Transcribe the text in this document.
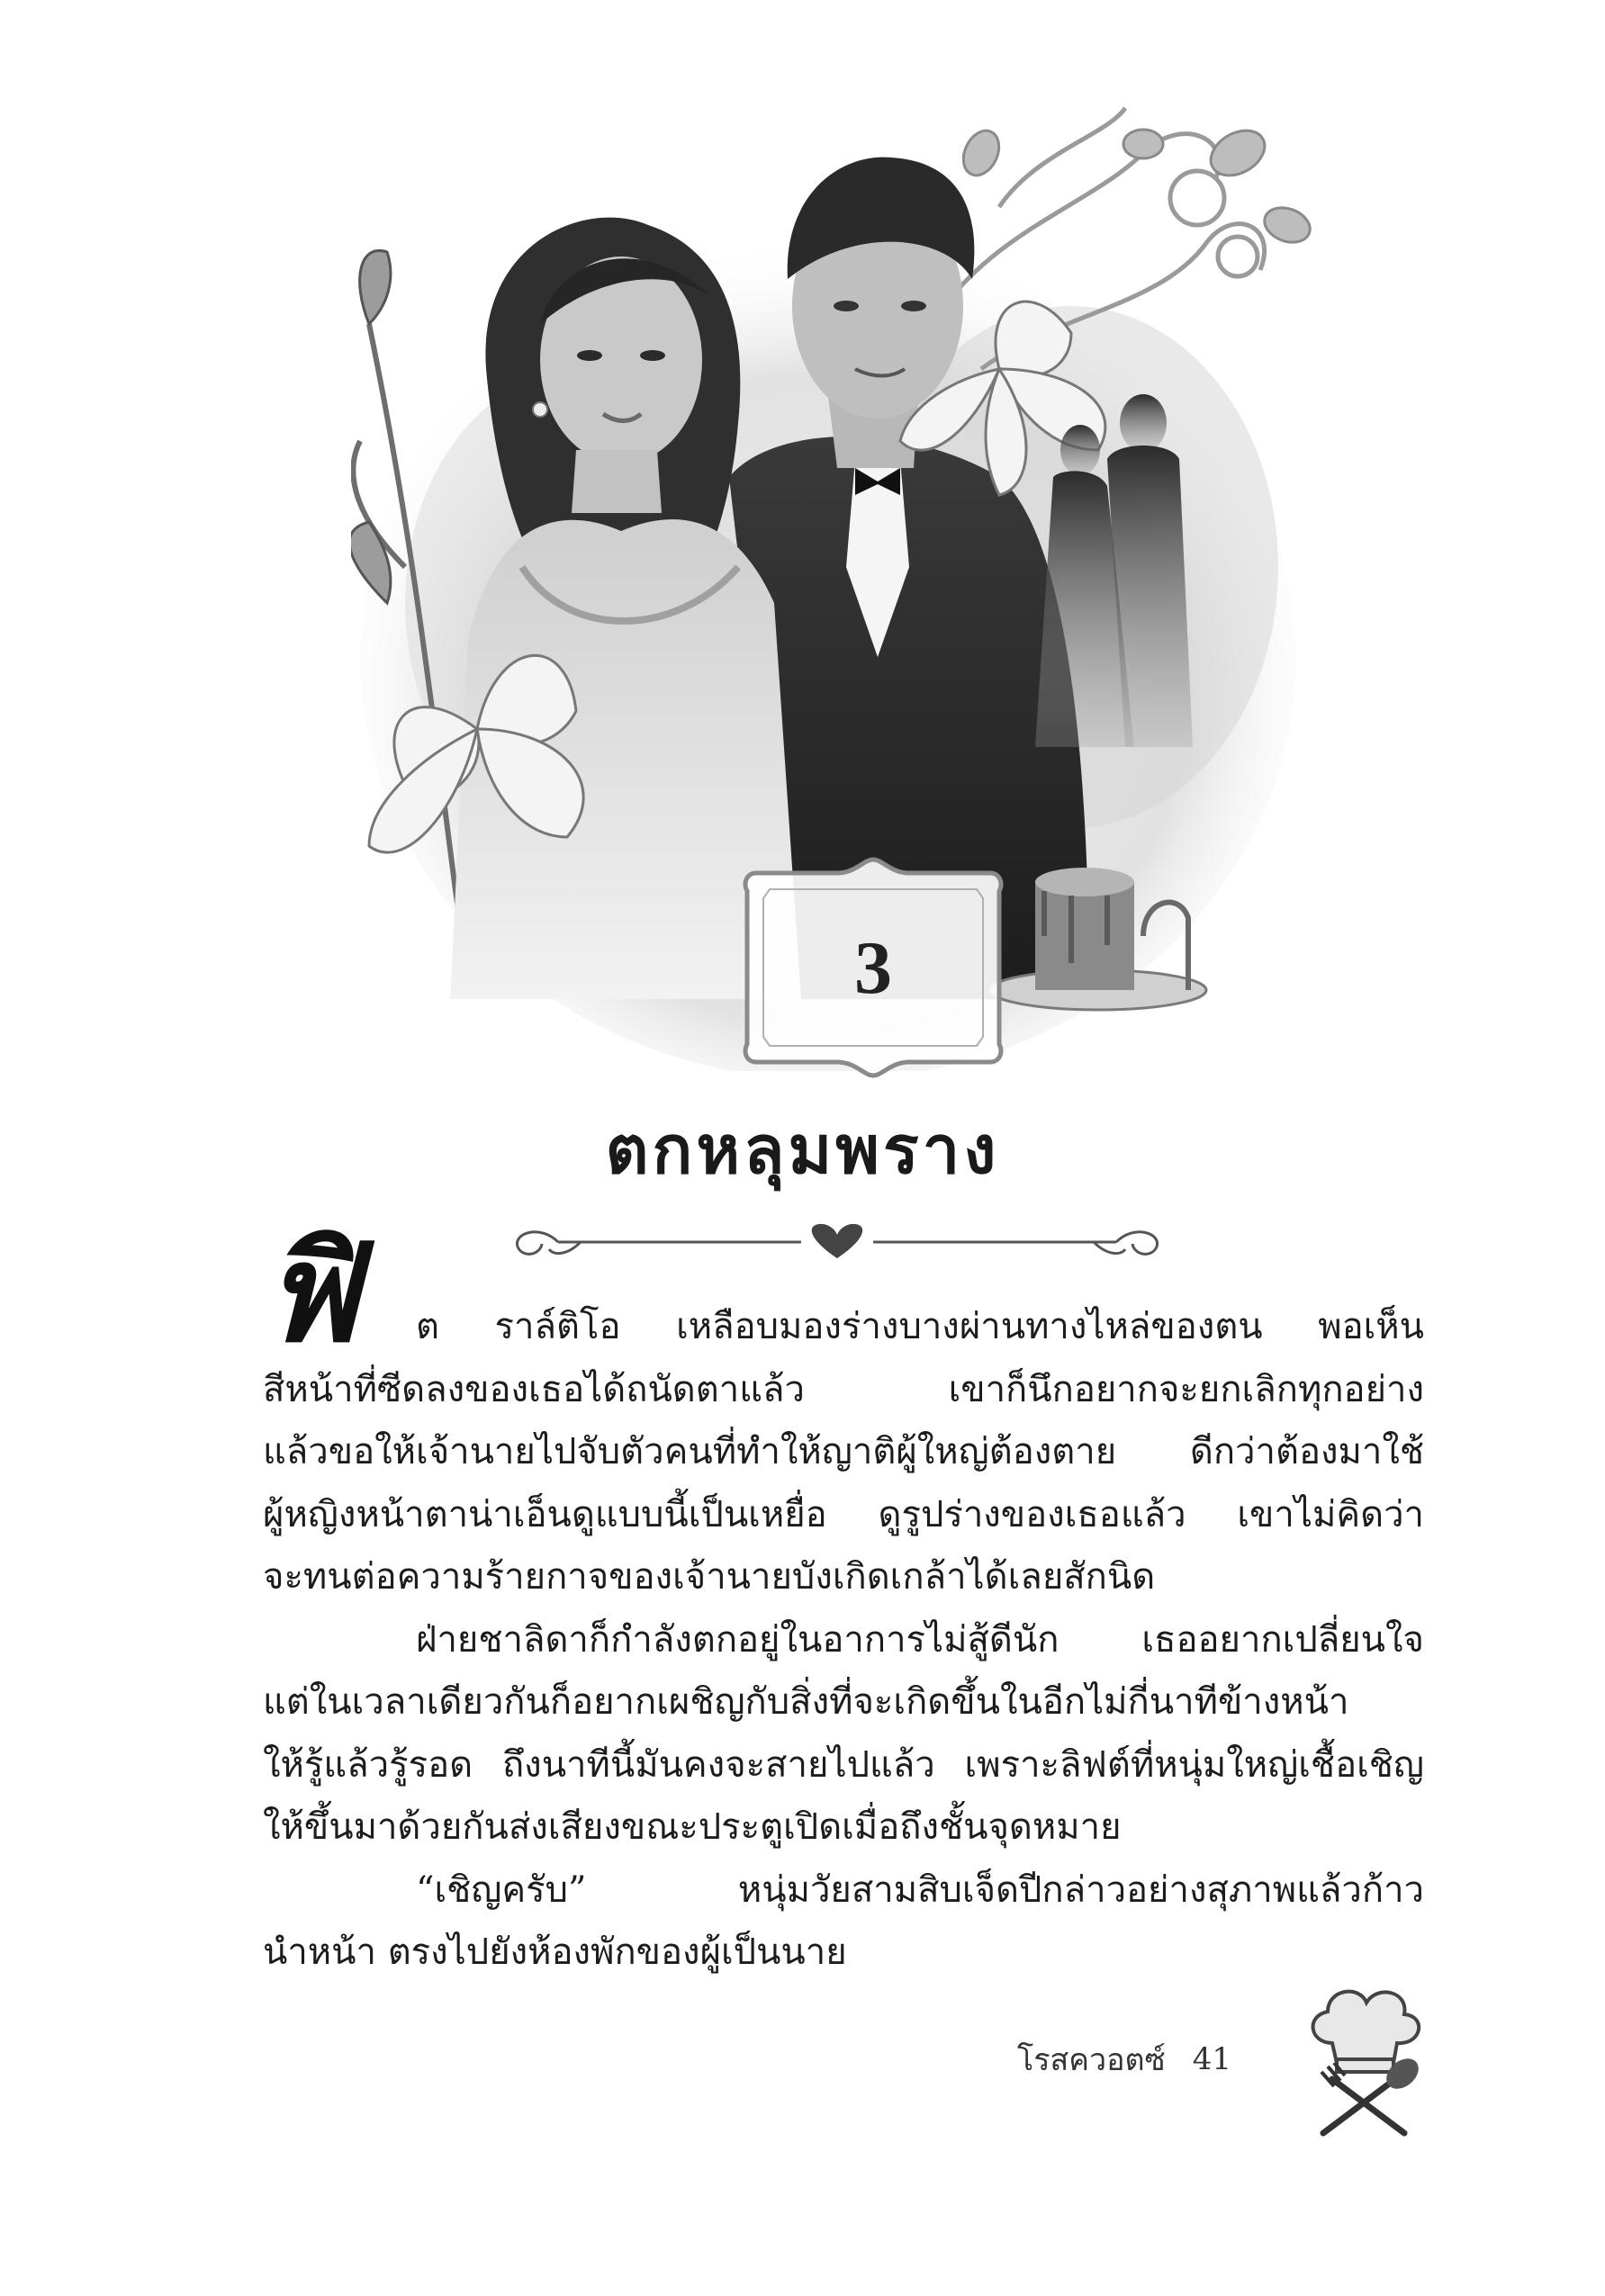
3
ตกหลุมพราง
ฟิ ต ราล์ติโอ เหลือบมองร่างบางผ่านทางไหล่ของตน พอเห็น
สีหน้าที่ซีดลงของเธอได้ถนัดตาแล้ว เขาก็นึกอยากจะยกเลิกทุกอย่าง
แล้วขอให้เจ้านายไปจับตัวคนที่ทำให้ญาติผู้ใหญ่ต้องตาย ดีกว่าต้องมาใช้
ผู้หญิงหน้าตาน่าเอ็นดูแบบนี้เป็นเหยื่อ ดูรูปร่างของเธอแล้ว เขาไม่คิดว่า
จะทนต่อความร้ายกาจของเจ้านายบังเกิดเกล้าได้เลยสักนิด
ฝ่ายชาลิดาก็กำลังตกอยู่ในอาการไม่สู้ดีนัก เธออยากเปลี่ยนใจ
แต่ในเวลาเดียวกันก็อยากเผชิญกับสิ่งที่จะเกิดขึ้นในอีกไม่กี่นาทีข้างหน้า
ให้รู้แล้วรู้รอด ถึงนาทีนี้มันคงจะสายไปแล้ว เพราะลิฟต์ที่หนุ่มใหญ่เชื้อเชิญ
ให้ขึ้นมาด้วยกันส่งเสียงขณะประตูเปิดเมื่อถึงชั้นจุดหมาย
“เชิญครับ” หนุ่มวัยสามสิบเจ็ดปีกล่าวอย่างสุภาพแล้วก้าว
นำหน้า ตรงไปยังห้องพักของผู้เป็นนาย
โรสควอตซ์ 41
